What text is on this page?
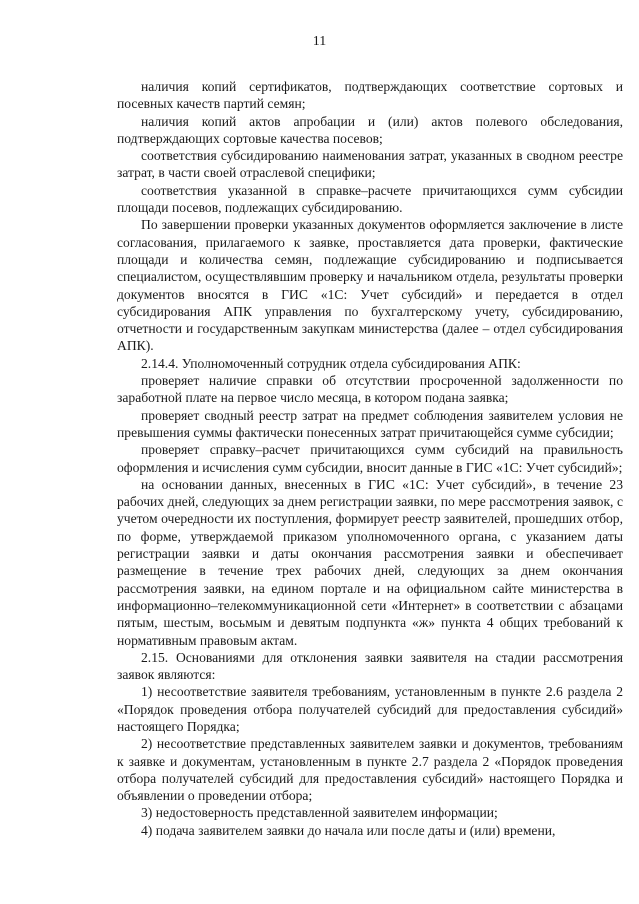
11

наличия копий сертификатов, подтверждающих соответствие сортовых и посевных качеств партий семян;

наличия копий актов апробации и (или) актов полевого обследования, подтверждающих сортовые качества посевов;

соответствия субсидированию наименования затрат, указанных в сводном реестре затрат, в части своей отраслевой специфики;

соответствия указанной в справке–расчете причитающихся сумм субсидии площади посевов, подлежащих субсидированию.

По завершении проверки указанных документов оформляется заключение в листе согласования, прилагаемого к заявке, проставляется дата проверки, фактические площади и количества семян, подлежащие субсидированию и подписывается специалистом, осуществлявшим проверку и начальником отдела, результаты проверки документов вносятся в ГИС «1С: Учет субсидий» и передается в отдел субсидирования АПК управления по бухгалтерскому учету, субсидированию, отчетности и государственным закупкам министерства (далее – отдел субсидирования АПК).

2.14.4. Уполномоченный сотрудник отдела субсидирования АПК:

проверяет наличие справки об отсутствии просроченной задолженности по заработной плате на первое число месяца, в котором подана заявка;

проверяет сводный реестр затрат на предмет соблюдения заявителем условия не превышения суммы фактически понесенных затрат причитающейся сумме субсидии;

проверяет справку–расчет причитающихся сумм субсидий на правильность оформления и исчисления сумм субсидии, вносит данные в ГИС «1С: Учет субсидий»;

на основании данных, внесенных в ГИС «1С: Учет субсидий», в течение 23 рабочих дней, следующих за днем регистрации заявки, по мере рассмотрения заявок, с учетом очередности их поступления, формирует реестр заявителей, прошедших отбор, по форме, утверждаемой приказом уполномоченного органа, с указанием даты регистрации заявки и даты окончания рассмотрения заявки и обеспечивает размещение в течение трех рабочих дней, следующих за днем окончания рассмотрения заявки, на едином портале и на официальном сайте министерства в информационно–телекоммуникационной сети «Интернет» в соответствии с абзацами пятым, шестым, восьмым и девятым подпункта «ж» пункта 4 общих требований к нормативным правовым актам.

2.15. Основаниями для отклонения заявки заявителя на стадии рассмотрения заявок являются:

1) несоответствие заявителя требованиям, установленным в пункте 2.6 раздела 2 «Порядок проведения отбора получателей субсидий для предоставления субсидий» настоящего Порядка;

2) несоответствие представленных заявителем заявки и документов, требованиям к заявке и документам, установленным в пункте 2.7 раздела 2 «Порядок проведения отбора получателей субсидий для предоставления субсидий» настоящего Порядка и объявлении о проведении отбора;

3) недостоверность представленной заявителем информации;

4) подача заявителем заявки до начала или после даты и (или) времени,
